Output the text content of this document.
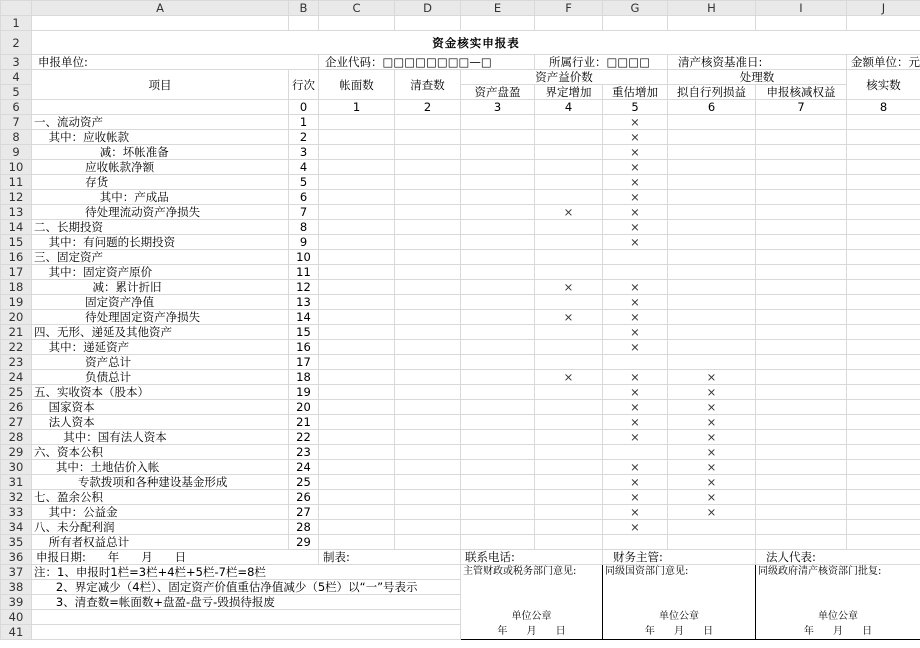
	A	B	C	D	E	F	G	H	I	J
1										
2	资金核实申报表									
3	申报单位:		企业代码：□□□□□□□□—□			所属行业：□□□□		清产核资基准日:		金额单位：元
4	项目	行次	帐面数	清查数	资产益价数			处理数		核实数
5					资产盘盈	界定增加	重估增加	拟自行列损益	申报核减权益	
6		0	1	2	3	4	5	6	7	8
7	一、流动资产	1					×			
8	其中：应收帐款	2					×			
9	减：坏帐准备	3					×			
10	应收帐款净额	4					×			
11	存货	5					×			
12	其中：产成品	6					×			
13	待处理流动资产净损失	7				×	×			
14	二、长期投资	8					×			
15	其中：有问题的长期投资	9					×			
16	三、固定资产	10								
17	其中：固定资产原价	11								
18	减：累计折旧	12				×	×			
19	固定资产净值	13					×			
20	待处理固定资产净损失	14				×	×			
21	四、无形、递延及其他资产	15					×			
22	其中：递延资产	16					×			
23	资产总计	17								
24	负债总计	18				×	×	×		
25	五、实收资本（股本）	19					×	×		
26	国家资本	20					×	×		
27	法人资本	21					×	×		
28	其中：国有法人资本	22					×	×		
29	六、资本公积	23						×		
30	其中：土地估价入帐	24					×	×		
31	专款拨项和各种建设基金形成	25					×	×		
32	七、盈余公积	26					×	×		
33	其中：公益金	27					×	×		
34	八、未分配利润	28					×			
35	所有者权益总计	29								
36	申报日期:      年      月      日		制表:		联系电话:		财务主管:		法人代表:	
37	注：1、申报时1栏=3栏+4栏+5栏-7栏=8栏				主管财政或税务部门意见:		同级国资部门意见:		同级政府清产核资部门批复:	
38	2、界定减少（4栏）、固定资产价值重估净值减少（5栏）以“一”号表示									
39	3、清查数=帐面数+盘盈-盘亏-毁损待报废									
40					单位公章		单位公章		单位公章	
41					年      月      日		年      月      日		年      月      日	
